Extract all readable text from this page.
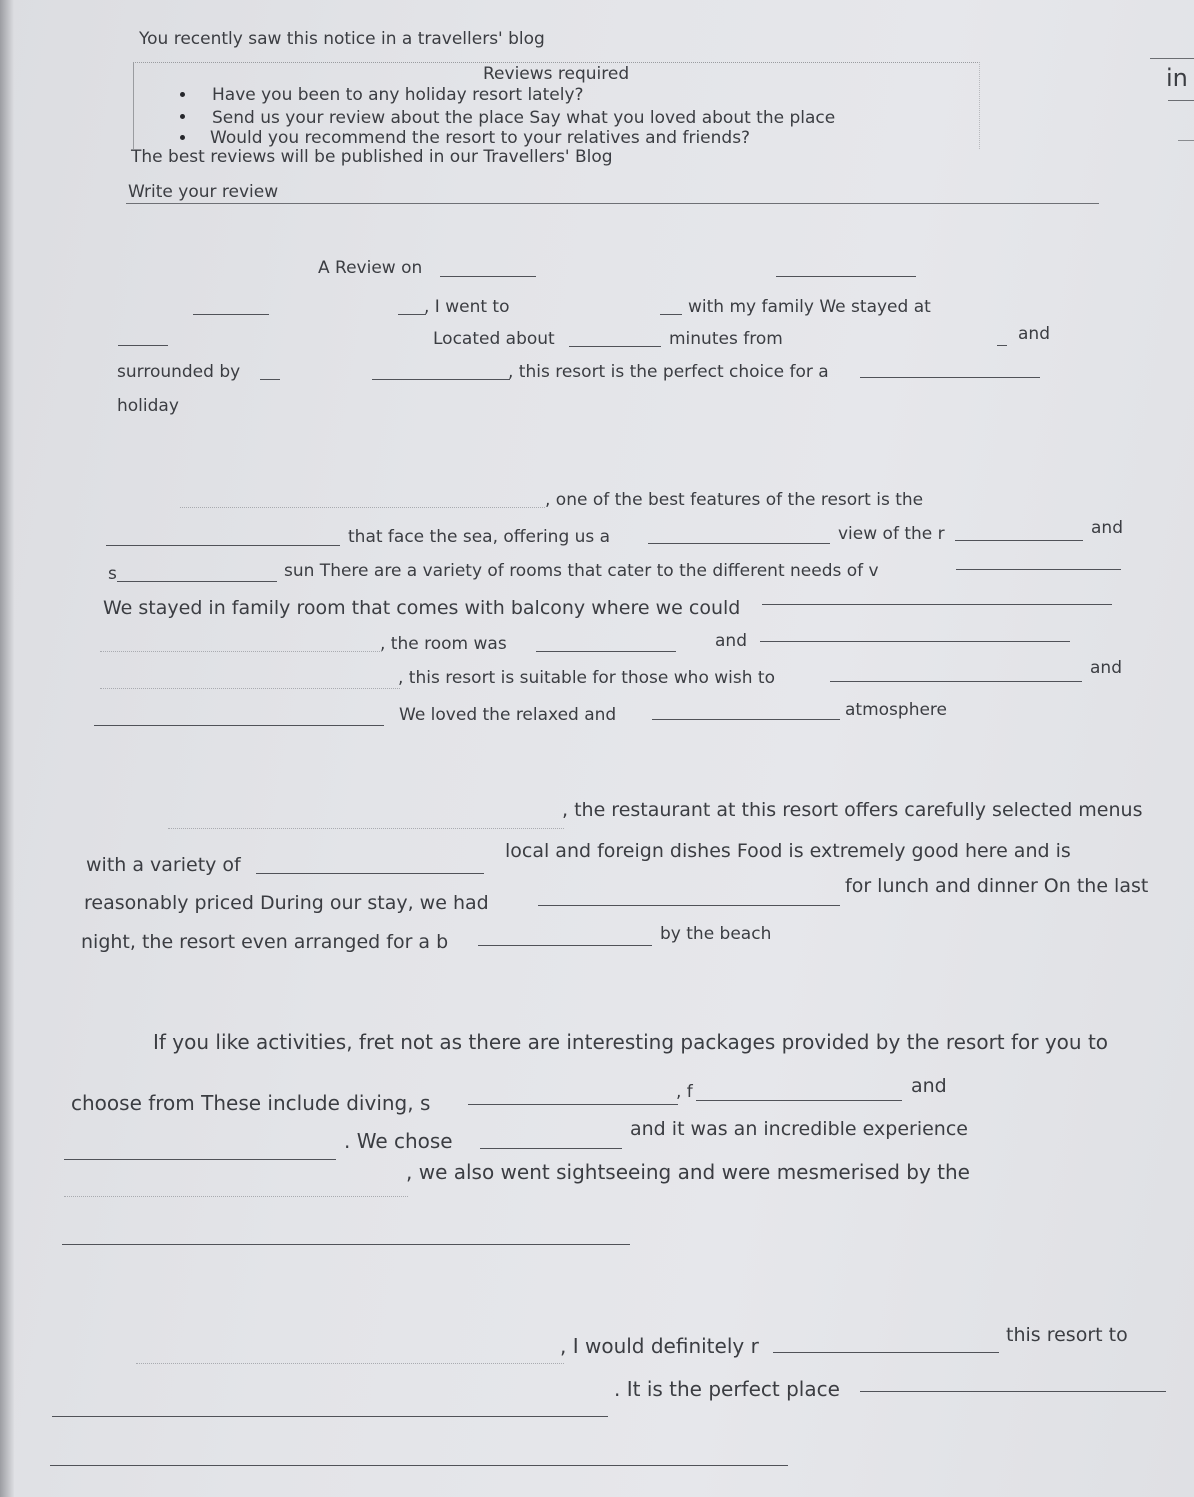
You recently saw this notice in a travellers' blog
Reviews required
Have you been to any holiday resort lately?
Send us your review about the place Say what you loved about the place
Would you recommend the resort to your relatives and friends?
The best reviews will be published in our Travellers' Blog
in
Write your review
A Review on
, I went to	with my family We stayed at
Located about	minutes from	and
surrounded by	, this resort is the perfect choice for a
holiday
, one of the best features of the resort is the
that face the sea, offering us a	view of the r	and
s	sun There are a variety of rooms that cater to the different needs of v
We stayed in family room that comes with balcony where we could
, the room was	and
, this resort is suitable for those who wish to	and
We loved the relaxed and	atmosphere
, the restaurant at this resort offers carefully selected menus
with a variety of
local and foreign dishes Food is extremely good here and is
reasonably priced During our stay, we had
for lunch and dinner On the last
night, the resort even arranged for a b	by the beach
If you like activities, fret not as there are interesting packages provided by the resort for you to
choose from These include diving, s	, f	and
. We chose	and it was an incredible experience
, we also went sightseeing and were mesmerised by the
, I would definitely r	this resort to
. It is the perfect place
